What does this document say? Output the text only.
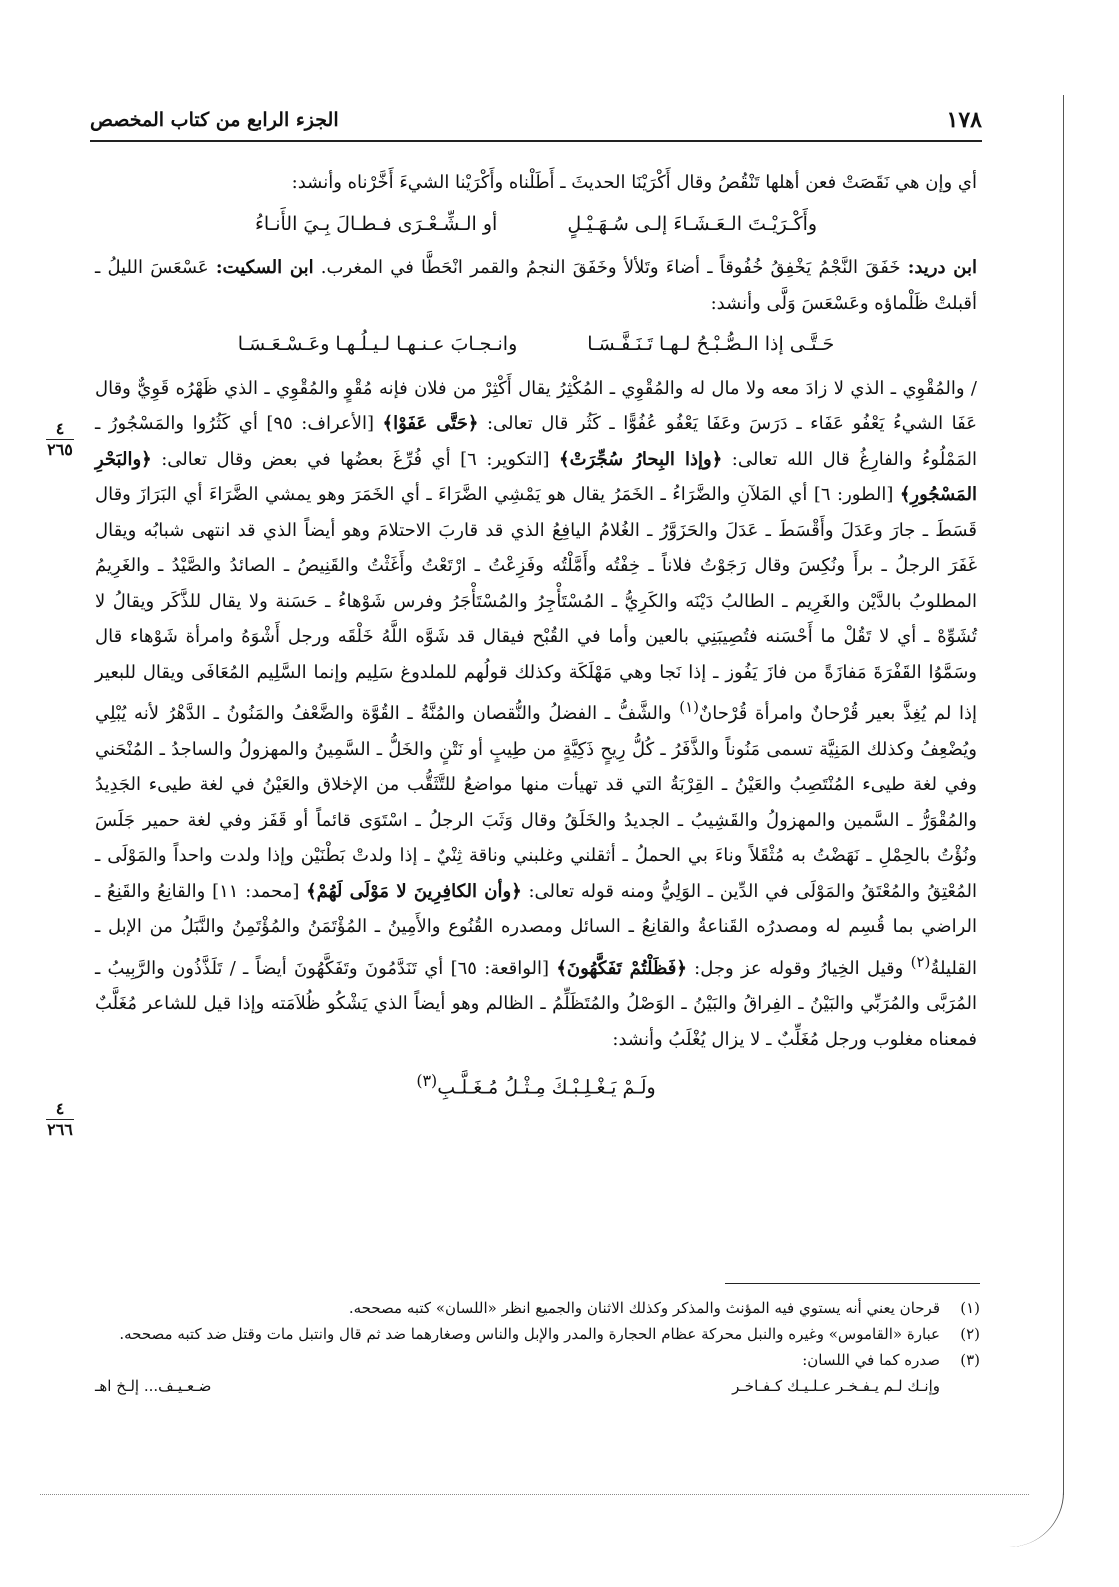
١٧٨
الجزء الرابع من كتاب المخصص
٤
٢٦٥
٤
٢٦٦

أي وإن هي نَقَصَتْ فعن أهلها تَنْقُصُ وقال أَكْرَيْنَا الحديثَ ـ أَطَلْناه وأَكْرَيْنا الشيءَ أَخَّرْناه وأنشد:

وأَكْـرَيْـتَ الـعَـشَـاءَ إلـى سُـهَـيْـلٍ
أو الـشِّـعْـرَى فـطـالَ بِـيَ الأَنـاءُ

ابن دريد: خَفَقَ النَّجْمُ يَخْفِقُ خُفُوقاً ـ أضاءَ وتَلألأ وخَفَقَ النجمُ والقمر انْحَطَّا في المغرب. ابن السكيت: عَسْعَسَ الليلُ ـ أقبلتْ ظَلْماؤه وعَسْعَسَ وَلَّى وأنشد:

حَـتَّـى إذا الـصُّـبْـحُ لـهـا تَـنَـفَّـسَـا
وانـجـابَ عـنـهـا لـيـلُـهـا وعَـسْـعَـسَـا

/ والمُقْوِي ـ الذي لا زادَ معه ولا مال له والمُقْوِي ـ المُكْثِرُ يقال أَكْثِرْ من فلان فإنه مُقْوٍ والمُقْوِي ـ الذي ظَهْرُه قَوِيٌّ وقال عَفَا الشيءُ يَعْفُو عَفَاء ـ دَرَسَ وعَفَا يَعْفُو عُفُوًّا ـ كَثُر قال تعالى: ﴿حَتَّى عَفَوْا﴾ [الأعراف: ٩٥] أي كَثُرُوا والمَسْجُورُ ـ المَمْلُوءُ والفارِغُ قال الله تعالى: ﴿وإذا البِحارُ سُجِّرَتْ﴾ [التكوير: ٦] أي فُرِّغَ بعضُها في بعض وقال تعالى: ﴿والبَحْرِ المَسْجُورِ﴾ [الطور: ٦] أي المَلآنِ والضَّرَاءُ ـ الخَمَرُ يقال هو يَمْشِي الضَّرَاءَ ـ أي الخَمَرَ وهو يمشي الضَّرَاءَ أي البَرَازَ وقال قَسَطَ ـ جارَ وعَدَلَ وأَقْسَطَ ـ عَدَلَ والحَزَوَّرُ ـ الغُلامُ اليافِعُ الذي قد قاربَ الاحتلامَ وهو أيضاً الذي قد انتهى شبابُه ويقال غَفَرَ الرجلُ ـ برأَ ونُكِسَ وقال رَجَوْتُ فلاناً ـ خِفْتُه وأَمَّلْتُه وفَزِعْتُ ـ ارْتَعْتُ وأَغَثْتُ والقَنِيصُ ـ الصائدُ والصَّيْدُ ـ والغَرِيمُ المطلوبُ بالدَّيْن والغَرِيم ـ الطالبُ دَيْنَه والكَرِيُّ ـ المُسْتَأْجِرُ والمُسْتَأْجَرُ وفرس شَوْهاءُ ـ حَسَنة ولا يقال للذَّكَر ويقالُ لا تُشَوِّهْ ـ أي لا تَقُلْ ما أَحْسَنه فتُصِيبَنِي بالعين وأما في القُبْح فيقال قد شَوَّه اللَّهُ خَلْقَه ورجل أَشْوَهُ وامرأة شَوْهاء قال وسَمَّوُا القَفْرَةَ مَفازَةً من فازَ يَفُوز ـ إذا نَجا وهي مَهْلَكَة وكذلك قولُهم للملدوغ سَلِيم وإنما السَّلِيم المُعَافَى ويقال للبعير إذا لم يُغِذَّ بعير قُرْحانٌ وامرأة قُرْحانٌ$^{(١)}$ والشَّفُّ ـ الفضلُ والنُّقصان والمُنَّةُ ـ القُوَّة والضَّعْفُ والمَنُونُ ـ الدَّهْرُ لأنه يُبْلِي ويُضْعِفُ وكذلك المَنِيَّة تسمى مَنُوناً والذَّفَرُ ـ كُلُّ رِيحٍ ذَكِيَّةٍ من طِيبٍ أو نَتْنٍ والخَلُّ ـ السَّمِينُ والمهزولُ والساجدُ ـ المُنْحَني وفي لغة طيىء المُنْتَصِبُ والعَيْنُ ـ القِرْبَةُ التي قد تهيأت منها مواضعُ للتَّثَقُّب من الإخلاق والعَيْنُ في لغة طيىء الجَدِيدُ والمُقْوَرُّ ـ السَّمين والمهزولُ والقَشِيبُ ـ الجديدُ والخَلَقُ وقال وَثَبَ الرجلُ ـ اسْتَوَى قائماً أو قَفَز وفي لغة حمير جَلَسَ ونُؤْتُ بالحِمْلِ ـ نَهَضْتُ به مُثْقَلاً وناءَ بي الحملُ ـ أثقلني وغلبني وناقة ثِنْيٌ ـ إذا ولدتْ بَطْنَيْن وإذا ولدت واحداً والمَوْلَى ـ المُعْتِقُ والمُعْتَقُ والمَوْلَى في الدِّين ـ الوَلِيُّ ومنه قوله تعالى: ﴿وأن الكافِرِينَ لا مَوْلَى لَهُمْ﴾ [محمد: ١١] والقانِعُ والقَنِعُ ـ الراضي بما قُسِم له ومصدرُه القَناعةُ والقانِعُ ـ السائل ومصدره القُنُوع والأَمِينُ ـ المُؤْتَمَنُ والمُؤْتَمِنُ والنَّبَلُ من الإبل ـ القليلةُ$^{(٢)}$ وقيل الخِيارُ وقوله عز وجل: ﴿فَظَلْتُمْ تَفَكَّهُونَ﴾ [الواقعة: ٦٥] أي تَنَدَّمُونَ وتَفَكَّهُونَ أيضاً ـ / تَلَذَّذُون والرَّبِيبُ ـ المُرَبَّى والمُرَبِّي والبَيْنُ ـ الفِراقُ والبَيْنُ ـ الوَصْلُ والمُتَظَلِّمُ ـ الظالم وهو أيضاً الذي يَشْكُو ظُلاَمَته وإذا قيل للشاعر مُغَلَّبٌ فمعناه مغلوب ورجل مُغَلِّبٌ ـ لا يزال يُغْلَبُ وأنشد:

ولَـمْ يَـغْـلِـبْـكَ مِـثْـلُ مُـغَـلَّـبِ$^{(٣)}$
(١)
قرحان يعني أنه يستوي فيه المؤنث والمذكر وكذلك الاثنان والجميع انظر «اللسان» كتبه مصححه.
(٢)
عبارة «القاموس» وغيره والنبل محركة عظام الحجارة والمدر والإبل والناس وصغارهما ضد ثم قال وانتبل مات وقتل ضد كتبه مصححه.
(٣)
صدره كما في اللسان:
وإنـك لـم يـفـخـر عـلـيـك كـفـاخـر
ضـعـيـف... إلـخ اهـ
